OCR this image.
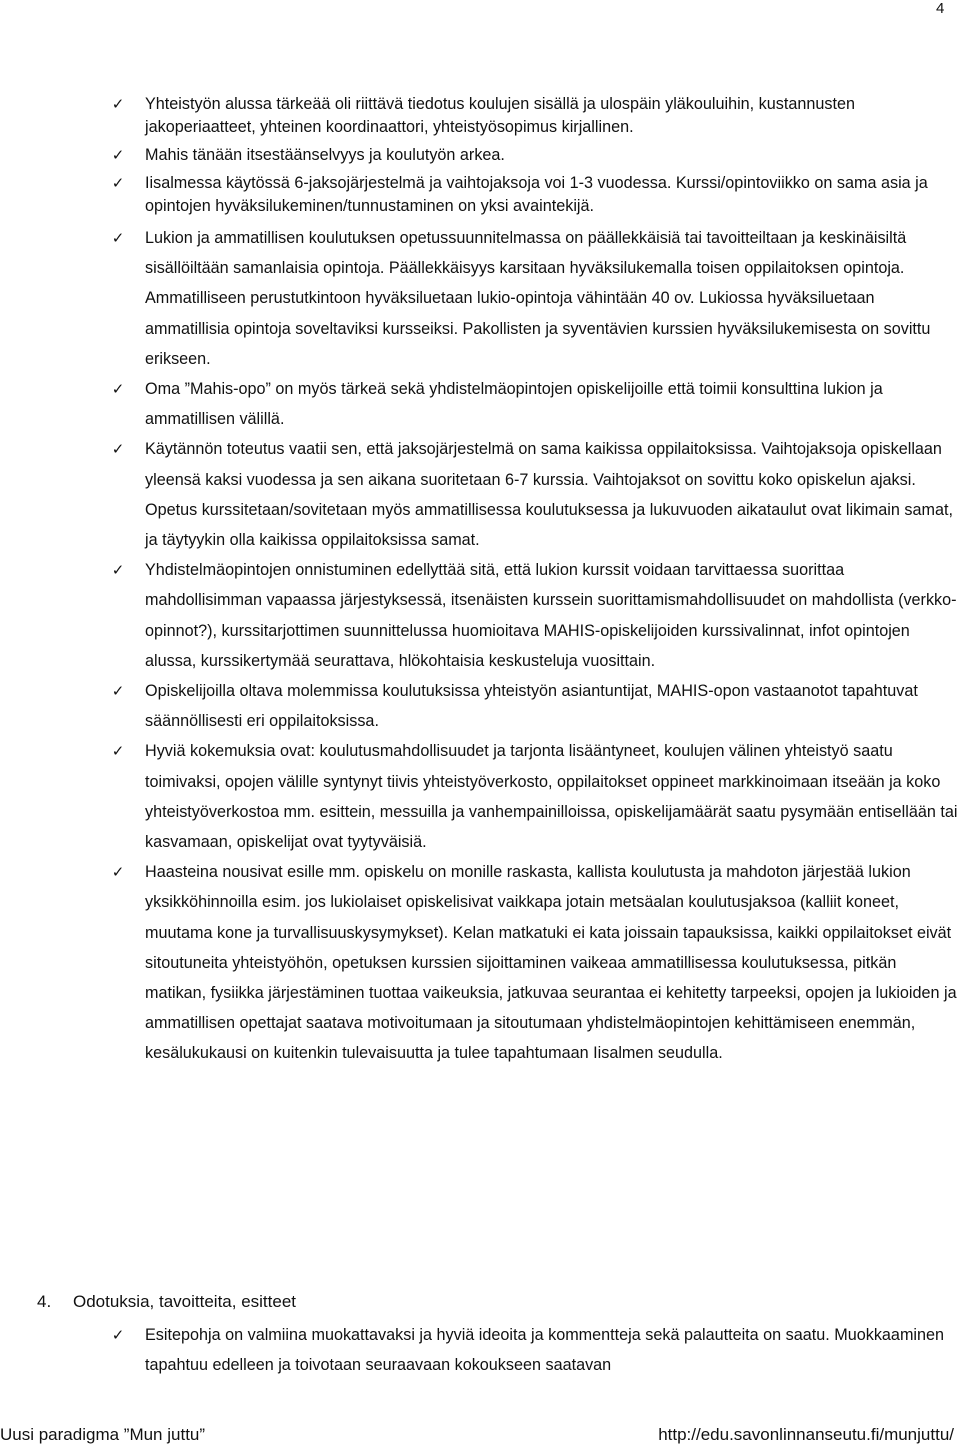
4
✓ Yhteistyön alussa tärkeää oli riittävä tiedotus koulujen sisällä ja ulospäin yläkouluihin, kustannusten jakoperiaatteet, yhteinen koordinaattori, yhteistyösopimus kirjallinen.
✓ Mahis tänään itsestäänselvyys ja koulutyön arkea.
✓ Iisalmessa käytössä 6-jaksojärjestelmä ja vaihtojaksoja voi 1-3 vuodessa. Kurssi/opintoviikko on sama asia ja opintojen hyväksilukeminen/tunnustaminen on yksi avaintekijä.
✓ Lukion ja ammatillisen koulutuksen opetussuunnitelmassa on päällekkäisiä tai tavoitteiltaan ja keskinäisiltä sisällöiltään samanlaisia opintoja. Päällekkäisyys karsitaan hyväksilukemalla toisen oppilaitoksen opintoja. Ammatilliseen perustutkintoon hyväksiluetaan lukio-opintoja vähintään 40 ov. Lukiossa hyväksiluetaan ammatillisia opintoja soveltaviksi kursseiksi. Pakollisten ja syventävien kurssien hyväksilukemisesta on sovittu erikseen.
✓ Oma ”Mahis-opo” on myös tärkeä sekä yhdistelmäopintojen opiskelijoille että toimii konsulttina lukion ja ammatillisen välillä.
✓ Käytännön toteutus vaatii sen, että jaksojärjestelmä on sama kaikissa oppilaitoksissa. Vaihtojaksoja opiskellaan yleensä kaksi vuodessa ja sen aikana suoritetaan 6-7 kurssia. Vaihtojaksot on sovittu koko opiskelun ajaksi. Opetus kurssitetaan/sovitetaan myös ammatillisessa koulutuksessa ja lukuvuoden aikataulut ovat likimain samat, ja täytyykin olla kaikissa oppilaitoksissa samat.
✓ Yhdistelmäopintojen onnistuminen edellyttää sitä, että lukion kurssit voidaan tarvittaessa suorittaa mahdollisimman vapaassa järjestyksessä, itsenäisten kurssein suorittamismahdollisuudet on mahdollista (verkko-opinnot?), kurssitarjottimen suunnittelussa huomioitava MAHIS-opiskelijoiden kurssivalinnat, infot opintojen alussa, kurssikertymää seurattava, hlökohtaisia keskusteluja vuosittain.
✓ Opiskelijoilla oltava molemmissa koulutuksissa yhteistyön asiantuntijat, MAHIS-opon vastaanotot tapahtuvat säännöllisesti eri oppilaitoksissa.
✓ Hyviä kokemuksia ovat: koulutusmahdollisuudet ja tarjonta lisääntyneet, koulujen välinen yhteistyö saatu toimivaksi, opojen välille syntynyt tiivis yhteistyöverkosto, oppilaitokset oppineet markkinoimaan itseään ja koko yhteistyöverkostoa mm. esittein, messuilla ja vanhempainilloissa, opiskelijamäärät saatu pysymään entisellään tai kasvamaan, opiskelijat ovat tyytyväisiä.
✓ Haasteina nousivat esille mm. opiskelu on monille raskasta, kallista koulutusta ja mahdoton järjestää lukion yksikköhinnoilla esim. jos lukiolaiset opiskelisivat vaikkapa jotain metsäalan koulutusjaksoa (kalliit koneet, muutama kone ja turvallisuuskysymykset). Kelan matkatuki ei kata joissain tapauksissa, kaikki oppilaitokset eivät sitoutuneita yhteistyöhön, opetuksen kurssien sijoittaminen vaikeaa ammatillisessa koulutuksessa, pitkän matikan, fysiikka järjestäminen tuottaa vaikeuksia, jatkuvaa seurantaa ei kehitetty tarpeeksi, opojen ja lukioiden ja ammatillisen opettajat saatava motivoitumaan ja sitoutumaan yhdistelmäopintojen kehittämiseen enemmän, kesälukukausi on kuitenkin tulevaisuutta ja tulee tapahtumaan Iisalmen seudulla.
4. Odotuksia, tavoitteita, esitteet
✓ Esitepohja on valmiina muokattavaksi ja hyviä ideoita ja kommentteja sekä palautteita on saatu. Muokkaaminen tapahtuu edelleen ja toivotaan seuraavaan kokoukseen saatavan
Uusi paradigma ”Mun juttu”	http://edu.savonlinnanseutu.fi/munjuttu/
